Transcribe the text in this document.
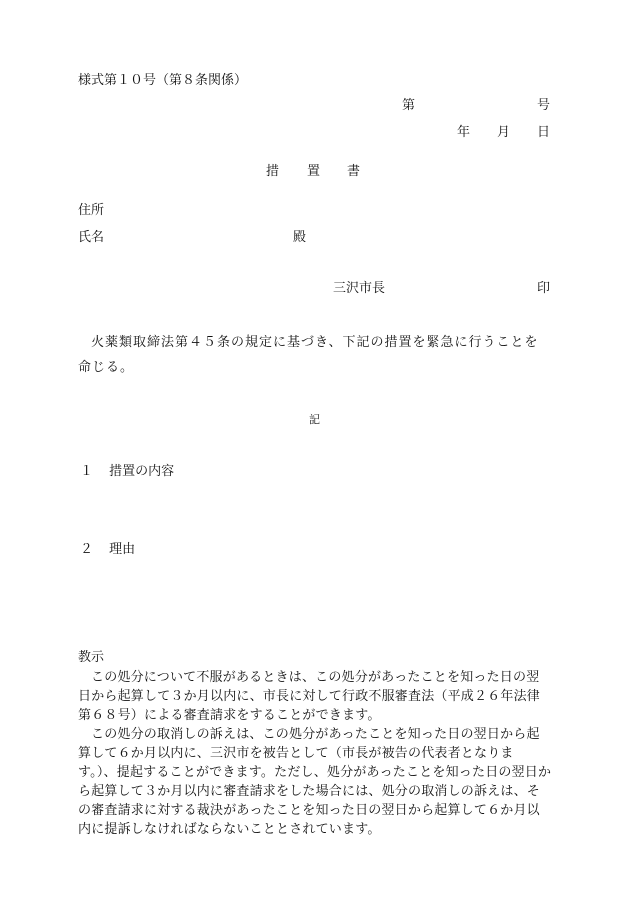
様式第１０号（第８条関係）
第	号
年 月 日
措 置 書
住所
氏名	殿
三沢市長	印
火薬類取締法第４５条の規定に基づき、下記の措置を緊急に行うことを命じる。
記
１ 措置の内容
２ 理由
教示
この処分について不服があるときは、この処分があったことを知った日の翌日から起算して３か月以内に、市長に対して行政不服審査法（平成２６年法律第６８号）による審査請求をすることができます。
この処分の取消しの訴えは、この処分があったことを知った日の翌日から起算して６か月以内に、三沢市を被告として（市長が被告の代表者となります。）、提起することができます。ただし、処分があったことを知った日の翌日から起算して３か月以内に審査請求をした場合には、処分の取消しの訴えは、その審査請求に対する裁決があったことを知った日の翌日から起算して６か月以内に提訴しなければならないこととされています。
